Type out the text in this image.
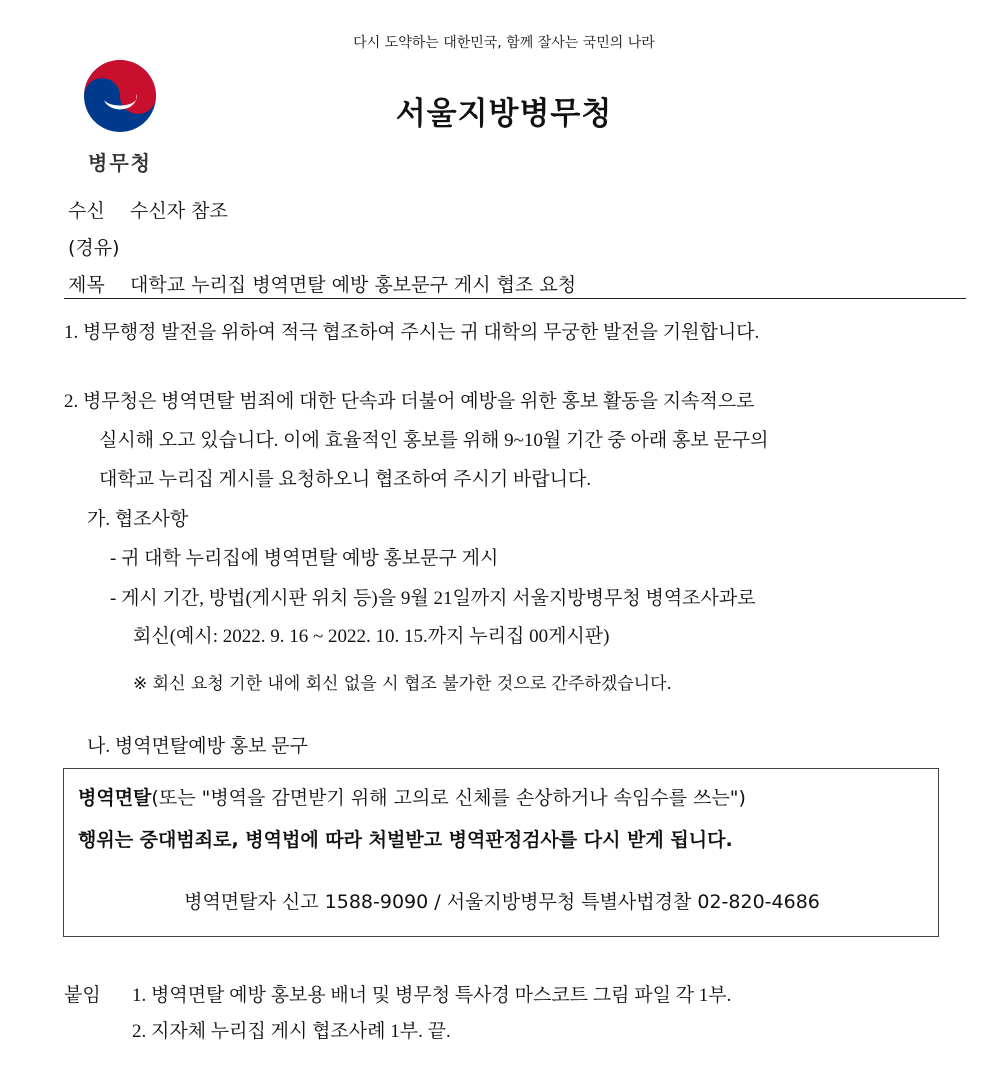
다시 도약하는 대한민국, 함께 잘사는 국민의 나라
병무청
서울지방병무청
수신 수신자 참조
(경유)
제목 대학교 누리집 병역면탈 예방 홍보문구 게시 협조 요청
1. 병무행정 발전을 위하여 적극 협조하여 주시는 귀 대학의 무궁한 발전을 기원합니다.
2. 병무청은 병역면탈 범죄에 대한 단속과 더불어 예방을 위한 홍보 활동을 지속적으로
실시해 오고 있습니다. 이에 효율적인 홍보를 위해 9~10월 기간 중 아래 홍보 문구의
대학교 누리집 게시를 요청하오니 협조하여 주시기 바랍니다.
가. 협조사항
- 귀 대학 누리집에 병역면탈 예방 홍보문구 게시
- 게시 기간, 방법(게시판 위치 등)을 9월 21일까지 서울지방병무청 병역조사과로
회신(예시: 2022. 9. 16 ~ 2022. 10. 15.까지 누리집 00게시판)
※ 회신 요청 기한 내에 회신 없을 시 협조 불가한 것으로 간주하겠습니다.
나. 병역면탈예방 홍보 문구
병역면탈(또는 "병역을 감면받기 위해 고의로 신체를 손상하거나 속임수를 쓰는")
행위는 중대범죄로, 병역법에 따라 처벌받고 병역판정검사를 다시 받게 됩니다.
병역면탈자 신고 1588-9090 / 서울지방병무청 특별사법경찰 02-820-4686
붙임 1. 병역면탈 예방 홍보용 배너 및 병무청 특사경 마스코트 그림 파일 각 1부.
2. 지자체 누리집 게시 협조사례 1부. 끝.
